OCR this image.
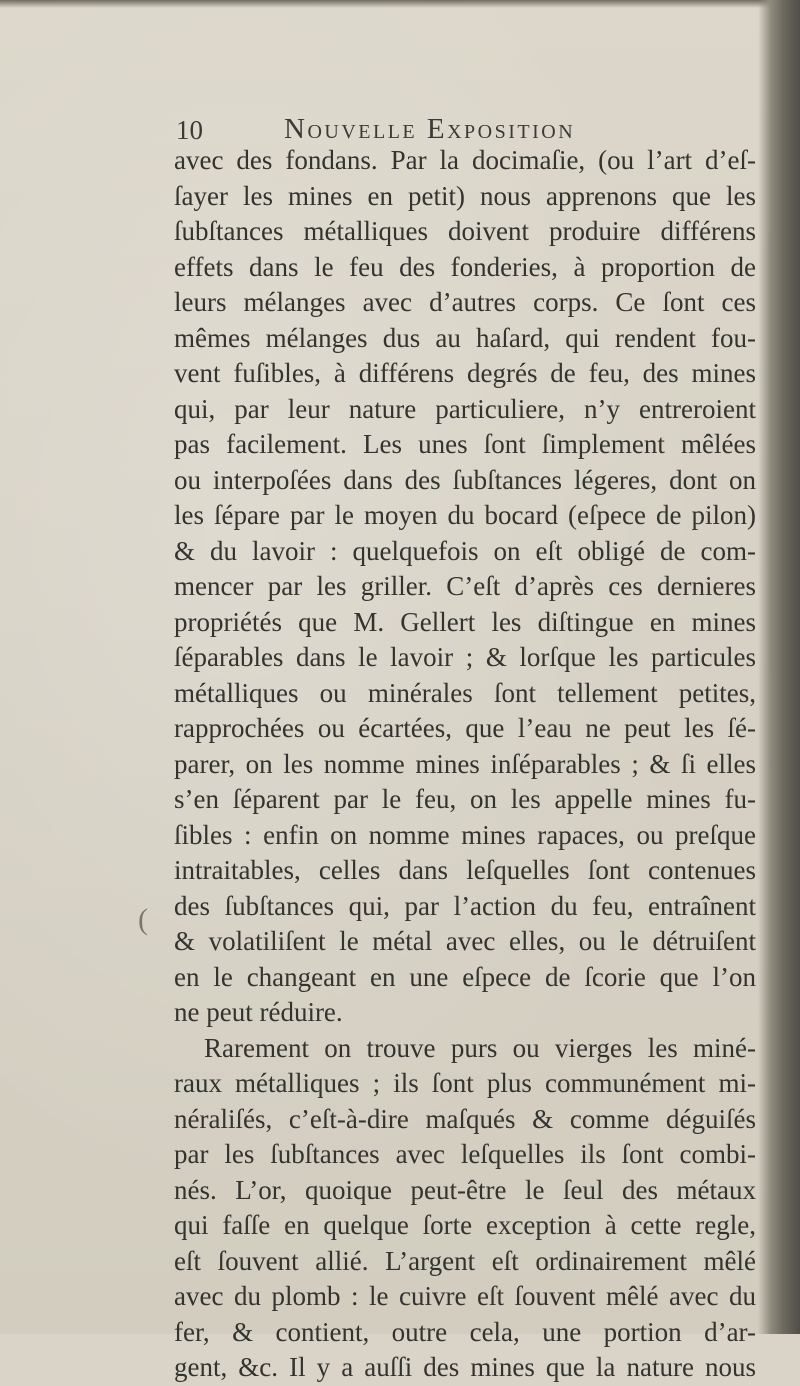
10	Nouvelle Exposition
(
avec des fondans. Par la docimaſie, (ou l’art d’eſ-
ſayer les mines en petit) nous apprenons que les
ſubſtances métalliques doivent produire différens
effets dans le feu des fonderies, à proportion de
leurs mélanges avec d’autres corps. Ce ſont ces
mêmes mélanges dus au haſard, qui rendent fou-
vent fuſibles, à différens degrés de feu, des mines
qui, par leur nature particuliere, n’y entreroient
pas facilement. Les unes ſont ſimplement mêlées
ou interpoſées dans des ſubſtances légeres, dont on
les ſépare par le moyen du bocard (eſpece de pilon)
& du lavoir : quelquefois on eſt obligé de com-
mencer par les griller. C’eſt d’après ces dernieres
propriétés que M. Gellert les diſtingue en mines
ſéparables dans le lavoir ; & lorſque les particules
métalliques ou minérales ſont tellement petites,
rapprochées ou écartées, que l’eau ne peut les ſé-
parer, on les nomme mines inſéparables ; & ſi elles
s’en ſéparent par le feu, on les appelle mines fu-
ſibles : enfin on nomme mines rapaces, ou preſque
intraitables, celles dans leſquelles ſont contenues
des ſubſtances qui, par l’action du feu, entraînent
& volatiliſent le métal avec elles, ou le détruiſent
en le changeant en une eſpece de ſcorie que l’on
ne peut réduire.
Rarement on trouve purs ou vierges les miné-
raux métalliques ; ils ſont plus communément mi-
néraliſés, c’eſt-à-dire maſqués & comme déguiſés
par les ſubſtances avec leſquelles ils ſont combi-
nés. L’or, quoique peut-être le ſeul des métaux
qui faſſe en quelque ſorte exception à cette regle,
eſt ſouvent allié. L’argent eſt ordinairement mêlé
avec du plomb : le cuivre eſt ſouvent mêlé avec du
fer, & contient, outre cela, une portion d’ar-
gent, &c. Il y a auſſi des mines que la nature nous
